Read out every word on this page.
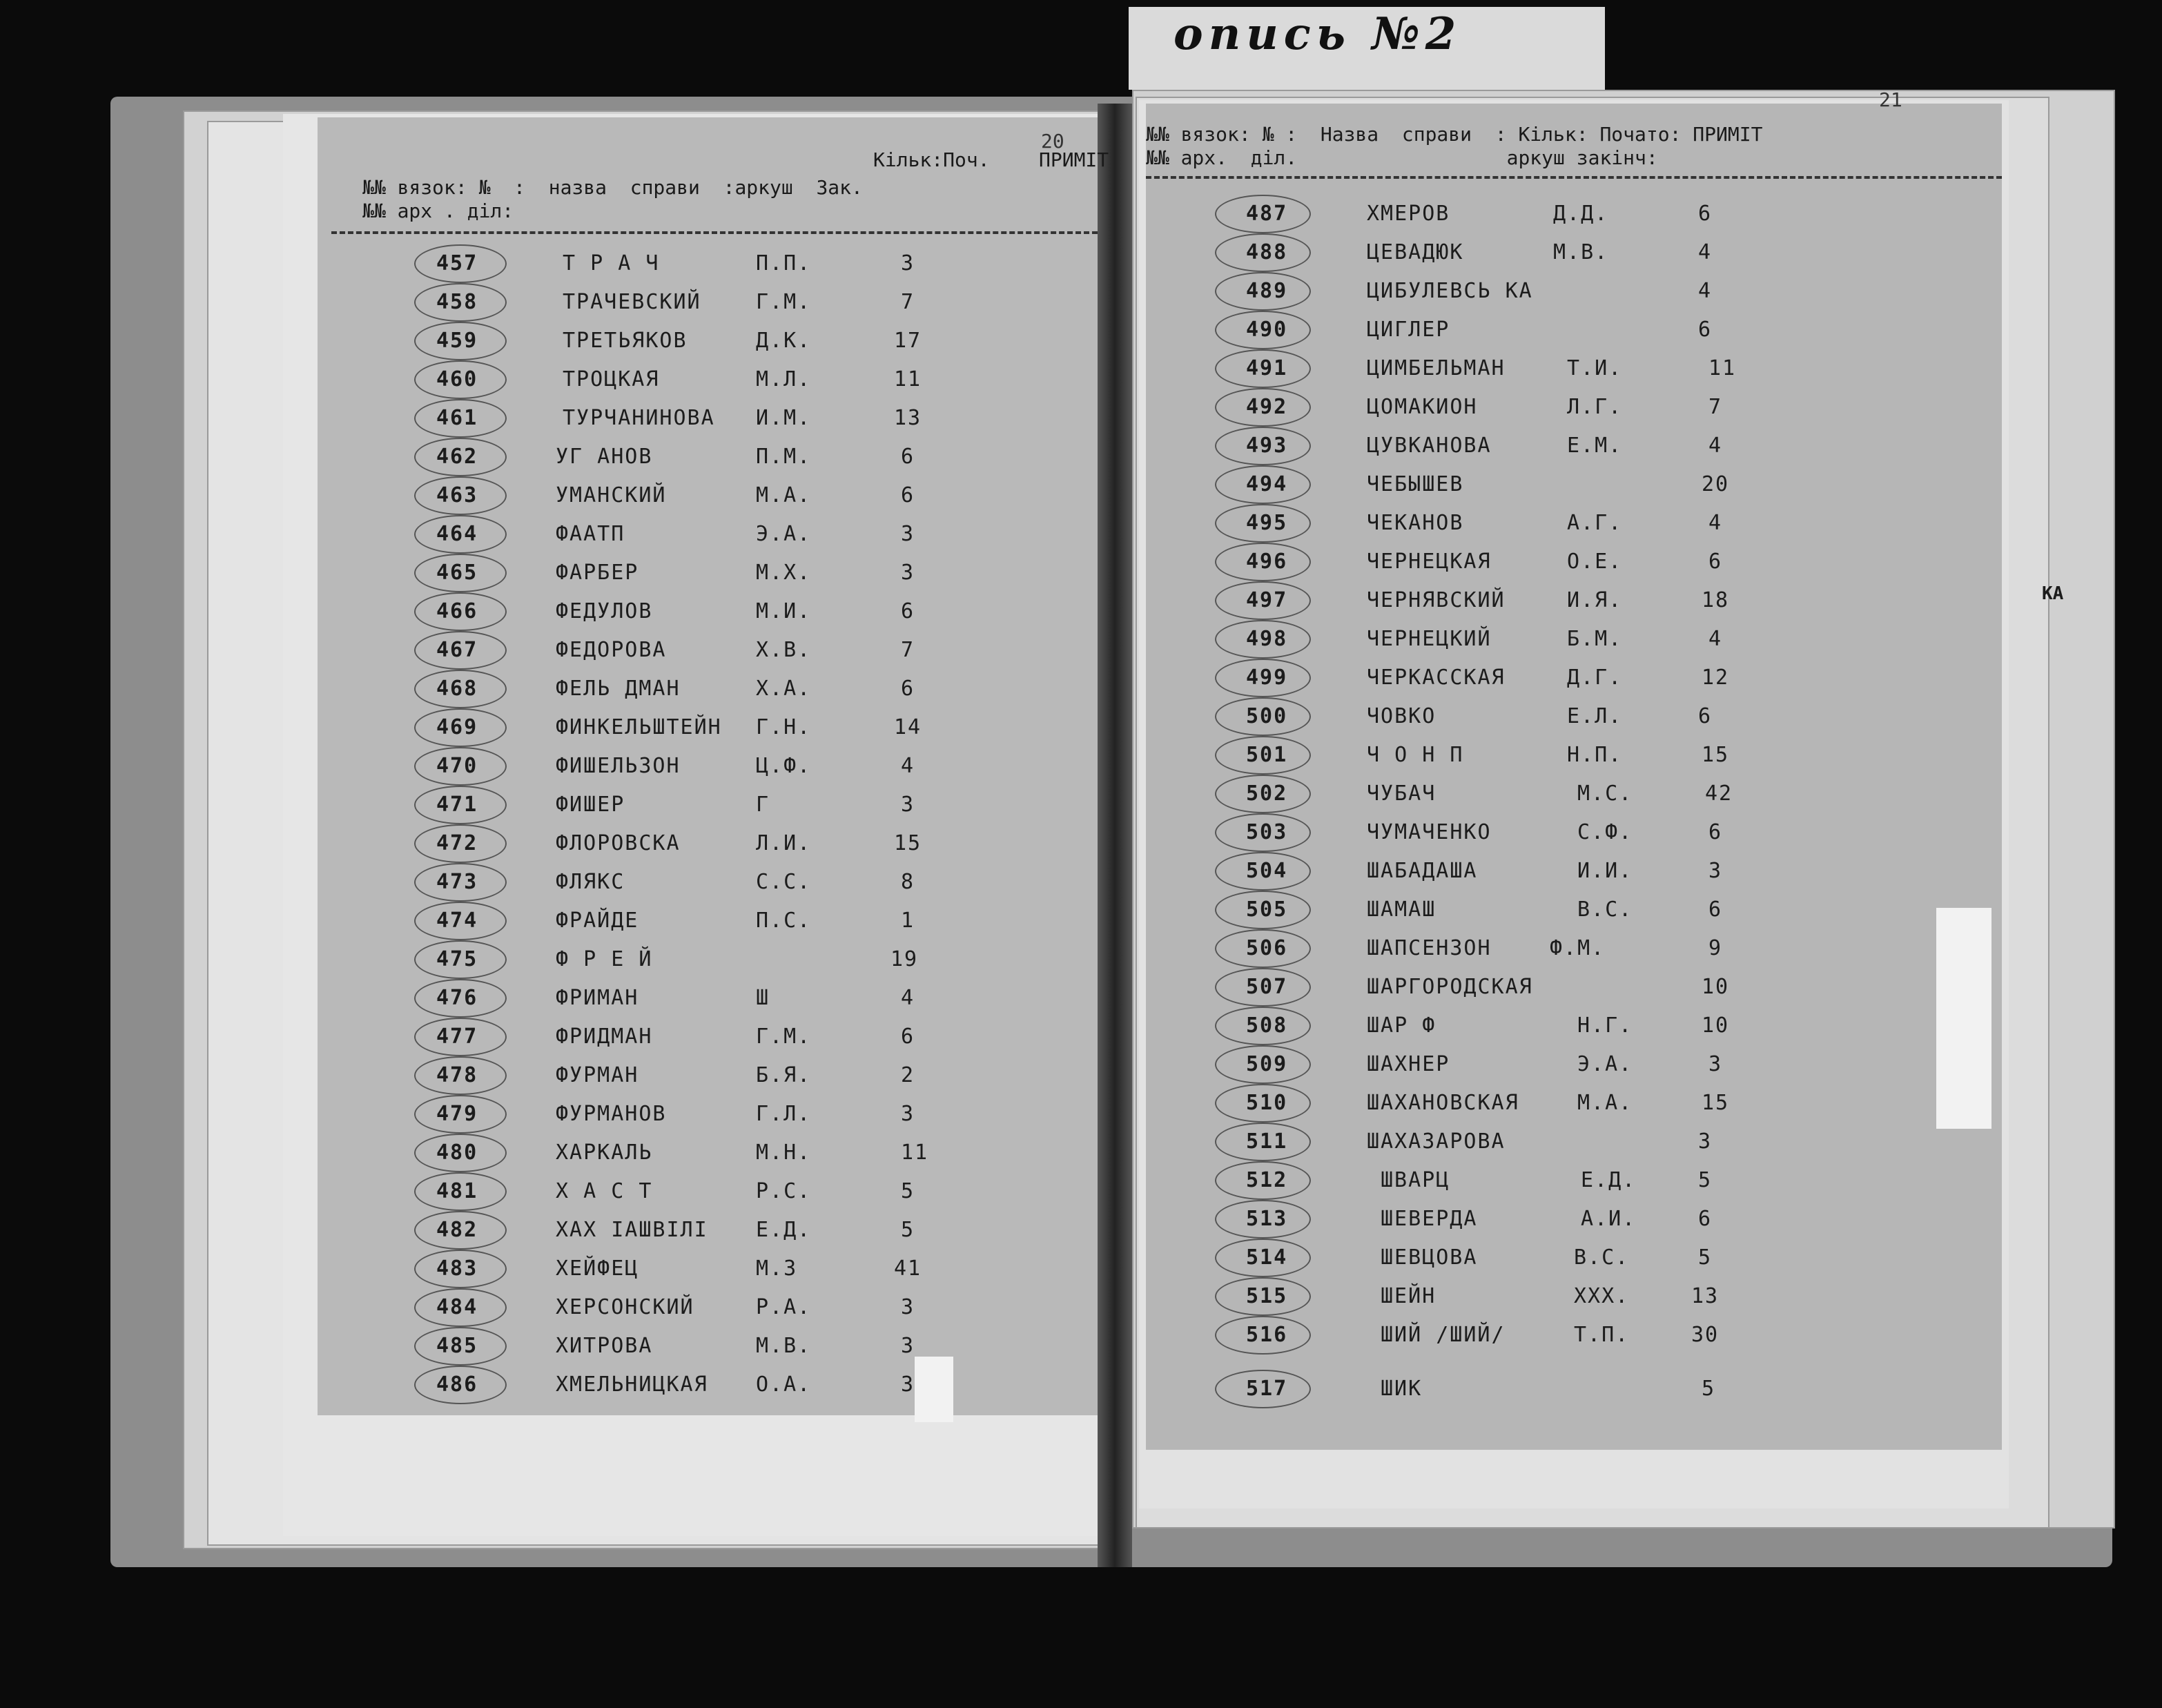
опись №2
КА
№№ вязок: №  :  назва  справи  :аркуш  Зак.
№№ арх . діл:
Кільк:Поч.	ПРИМІТ
20	№№ вязок: № :  Назва  справи  : Кільк: Почато: ПРИМІТ
№№ арх.  діл.                  аркуш закінч:
21
457	Т Р А Ч	П.П.	3
458	ТРАЧЕВСКИЙ	Г.М.	7
459	ТРЕТЬЯКОВ	Д.К.	17
460	ТРОЦКАЯ	М.Л.	11
461	ТУРЧАНИНОВА И.М.	13
462	УГ АНОВ	П.М.	6
463	УМАНСКИЙ	М.А.	6
464	ФААТП	Э.А.	3
465	ФАРБЕР	М.Х.	3
466	ФЕДУЛОВ	М.И.	6
467	ФЕДОРОВА	Х.В.	7
468	ФЕЛЬ ДМАН	Х.А.	6
469	ФИНКЕЛЬШТЕЙН Г.Н.	14
470	ФИШЕЛЬЗОН	Ц.Ф.	4
471	ФИШЕР	Г	3
472	ФЛОРОВСКА	Л.И.	15
473	ФЛЯКС	С.С.	8
474	ФРАЙДЕ	П.С.	1
475	Ф Р Е Й	19
476	ФРИМАН	Ш	4
477	ФРИДМАН	Г.М.	6
478	ФУРМАН	Б.Я.	2
479	ФУРМАНОВ	Г.Л.	3
480	ХАРКАЛЬ	М.Н.	11
481	Х А С Т	Р.С.	5
482	ХАХ ІАШВІЛІ Е.Д.	5
483	ХЕЙФЕЦ	М.З	41
484	ХЕРСОНСКИЙ	Р.А.	3
485	ХИТРОВА	М.В.	3
486	ХМЕЛЬНИЦКАЯ О.А.	3
487	ХМЕРОВ	Д.Д.	6
488	ЦЕВАДЮК	М.В.	4
489	ЦИБУЛЕВСЬ КА	4
490	ЦИГЛЕР	6
491	ЦИМБЕЛЬМАН	Т.И.	11
492	ЦОМАКИОН	Л.Г.	7
493	ЦУВКАНОВА	Е.М.	4
494	ЧЕБЫШЕВ	20
495	ЧЕКАНОВ	А.Г.	4
496	ЧЕРНЕЦКАЯ	О.Е.	6
497	ЧЕРНЯВСКИЙ	И.Я.	18
498	ЧЕРНЕЦКИЙ	Б.М.	4
499	ЧЕРКАССКАЯ	Д.Г.	12
500	ЧОВКО	Е.Л.	6
501	Ч О Н П	Н.П.	15
502	ЧУБАЧ	М.С.	42
503	ЧУМАЧЕНКО	С.Ф.	6
504	ШАБАДАША	И.И.	3
505	ШАМАШ	В.С.	6
506	ШАПСЕНЗОН	Ф.М.	9
507	ШАРГОРОДСКАЯ	10
508	ШАР Ф	Н.Г.	10
509	ШАХНЕР	Э.А.	3
510	ШАХАНОВСКАЯ	М.А.	15
511	ШАХАЗАРОВА	3
512	ШВАРЦ	Е.Д.	5
513	ШЕВЕРДА	А.И.	6
514	ШЕВЦОВА	В.С.	5
515	ШЕЙН	ХХХ.	13
516	ШИЙ /ШИЙ/	Т.П.	30
517	ШИК	5
